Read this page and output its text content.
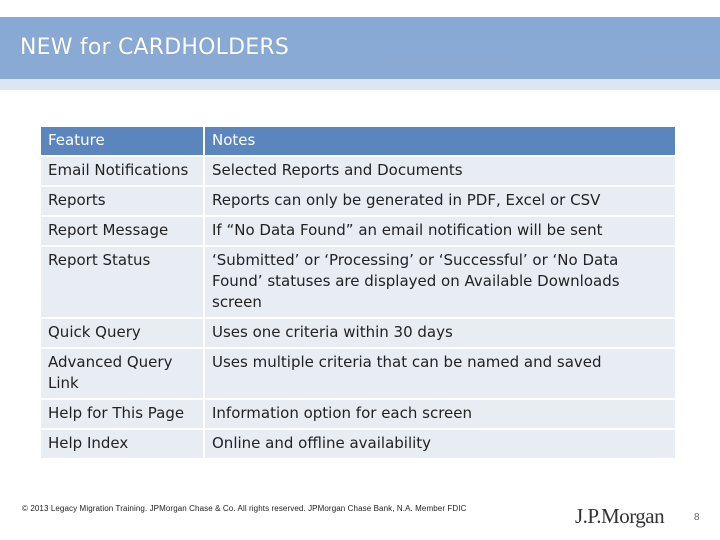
NEW for CARDHOLDERS
Feature	Notes
Email Notifications	Selected Reports and Documents
Reports	Reports can only be generated in PDF, Excel or CSV
Report Message	If “No Data Found” an email notification will be sent
Report Status	‘Submitted’ or ‘Processing’ or ‘Successful’ or ‘No Data Found’ statuses are displayed on Available Downloads screen
Quick Query	Uses one criteria within 30 days
Advanced Query Link	Uses multiple criteria that can be named and saved
Help for This Page	Information option for each screen
Help Index	Online and offline availability
© 2013 Legacy Migration Training. JPMorgan Chase & Co. All rights reserved. JPMorgan Chase Bank, N.A. Member FDIC	J.P.Morgan	8
